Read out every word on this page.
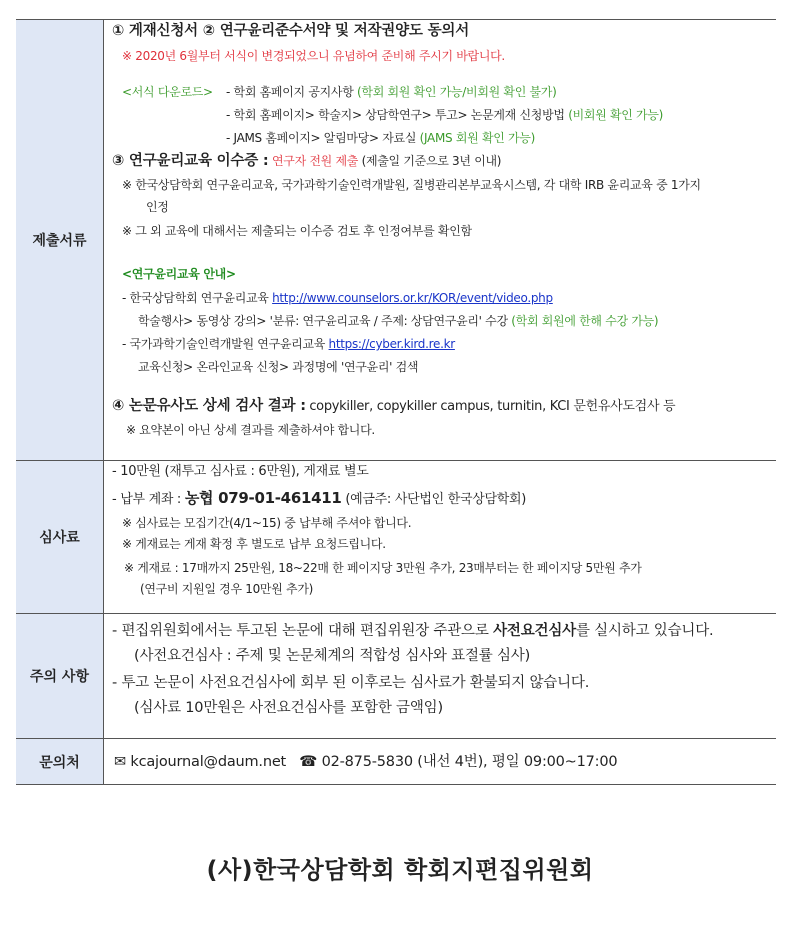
제출서류
① 게재신청서 ② 연구윤리준수서약 및 저작권양도 동의서
※ 2020년 6월부터 서식이 변경되었으니 유념하여 준비해 주시기 바랍니다.
<서식 다운로드> - 학회 홈페이지 공지사항 (학회 회원 확인 가능/비회원 확인 불가)
- 학회 홈페이지> 학술지> 상담학연구> 투고> 논문게재 신청방법 (비회원 확인 가능)
- JAMS 홈페이지> 알림마당> 자료실 (JAMS 회원 확인 가능)
③ 연구윤리교육 이수증 : 연구자 전원 제출 (제출일 기준으로 3년 이내)
※ 한국상담학회 연구윤리교육, 국가과학기술인력개발원, 질병관리본부교육시스템, 각 대학 IRB 윤리교육 중 1가지
인정
※ 그 외 교육에 대해서는 제출되는 이수증 검토 후 인정여부를 확인함
<연구윤리교육 안내>
- 한국상담학회 연구윤리교육 http://www.counselors.or.kr/KOR/event/video.php
학술행사> 동영상 강의> '분류: 연구윤리교육 / 주제: 상담연구윤리' 수강 (학회 회원에 한해 수강 가능)
- 국가과학기술인력개발원 연구윤리교육 https://cyber.kird.re.kr
교육신청> 온라인교육 신청> 과정명에 '연구윤리' 검색
④ 논문유사도 상세 검사 결과 : copykiller, copykiller campus, turnitin, KCI 문헌유사도검사 등
※ 요약본이 아닌 상세 결과를 제출하셔야 합니다.
심사료
- 10만원 (재투고 심사료 : 6만원), 게재료 별도
- 납부 계좌 : 농협 079-01-461411 (예금주: 사단법인 한국상담학회)
※ 심사료는 모집기간(4/1~15) 중 납부해 주셔야 합니다.
※ 게재료는 게재 확정 후 별도로 납부 요청드립니다.
※ 게재료 : 17매까지 25만원, 18~22매 한 페이지당 3만원 추가, 23매부터는 한 페이지당 5만원 추가
(연구비 지원일 경우 10만원 추가)
주의 사항
- 편집위원회에서는 투고된 논문에 대해 편집위원장 주관으로 사전요건심사를 실시하고 있습니다.
(사전요건심사 : 주제 및 논문체계의 적합성 심사와 표절률 심사)
- 투고 논문이 사전요건심사에 회부 된 이후로는 심사료가 환불되지 않습니다.
(심사료 10만원은 사전요건심사를 포함한 금액임)
문의처	✉ kcajournal@daum.net ☎ 02-875-5830 (내선 4번), 평일 09:00~17:00
(사)한국상담학회 학회지편집위원회
